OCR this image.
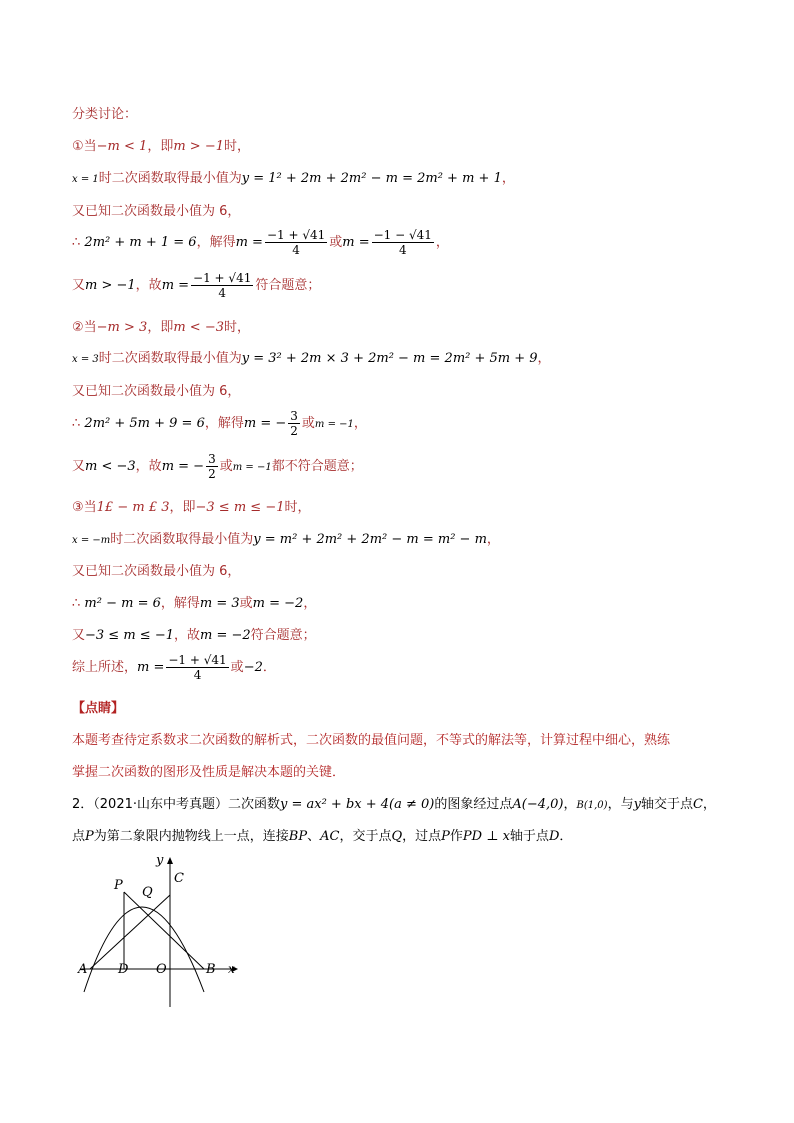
分类讨论：
①当−m < 1，即m > −1时，
x = 1时二次函数取得最小值为y = 1² + 2m + 2m² − m = 2m² + m + 1，
又已知二次函数最小值为 6，
∴ 2m² + m + 1 = 6，解得$m = \frac{-1 + √41}{4}$ 或$m = \frac{-1 - √41}{4}$ ，
又m > −1，故$m = \frac{-1 + √41}{4}$ 符合题意；
②当−m > 3，即m < −3时，
x = 3时二次函数取得最小值为y = 3² + 2m × 3 + 2m² − m = 2m² + 5m + 9，
又已知二次函数最小值为 6，
∴ 2m² + 5m + 9 = 6，解得m = − $\frac{3}{2}$ 或m = −1，
又m < −3，故m = − $\frac{3}{2}$ 或m = −1都不符合题意；
③当1£ − m £ 3，即−3 ≤ m ≤ −1时，
x = −m时二次函数取得最小值为y = m² + 2m² + 2m² − m = m² − m，
又已知二次函数最小值为 6，
∴ m² − m = 6，解得m = 3或m = −2，
又−3 ≤ m ≤ −1，故m = −2符合题意；
综上所述，$m = \frac{-1 + √41}{4}$ 或−2．
【点睛】
本题考查待定系数求二次函数的解析式，二次函数的最值问题，不等式的解法等，计算过程中细心，熟练
掌握二次函数的图形及性质是解决本题的关键．
2．（2021·山东中考真题）二次函数y = ax² + bx + 4(a ≠ 0)的图象经过点A(−4,0)，B(1,0)，与y轴交于点C，
点P为第二象限内抛物线上一点，连接BP、AC，交于点Q，过点P作PD ⊥ x轴于点D．
y
x
P Q
C
A D O	B
